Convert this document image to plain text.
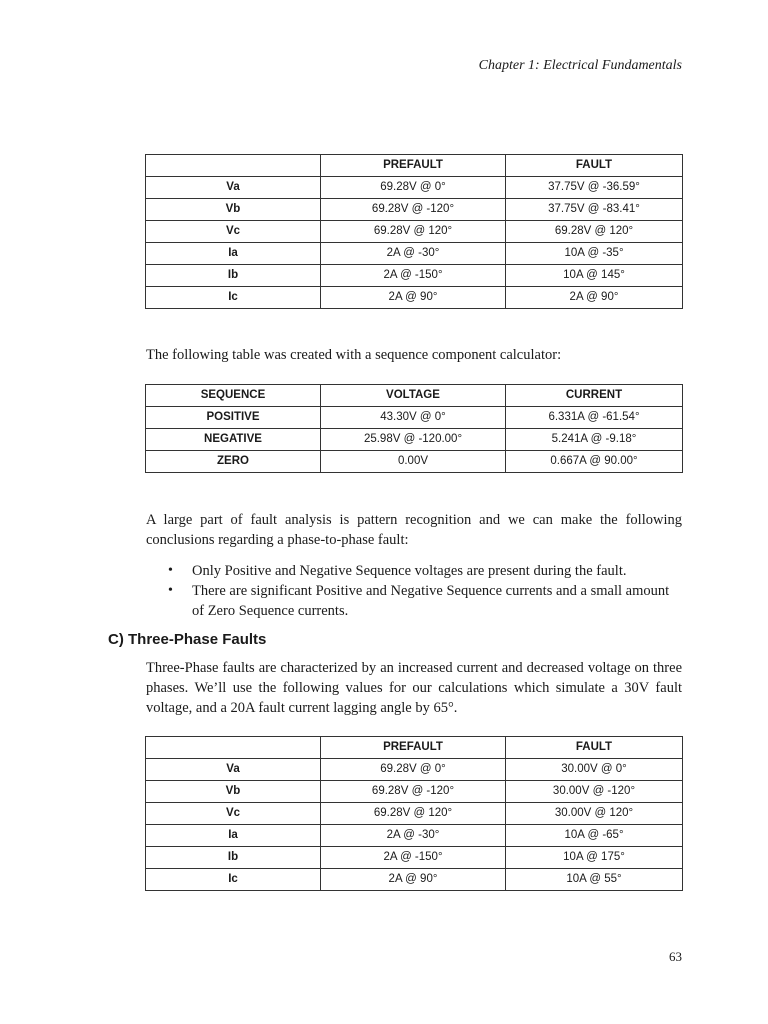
Chapter 1: Electrical Fundamentals
	PREFAULT	FAULT
Va	69.28V @ 0°	37.75V @ -36.59°
Vb	69.28V @ -120°	37.75V @ -83.41°
Vc	69.28V @ 120°	69.28V @ 120°
Ia	2A @ -30°	10A @ -35°
Ib	2A @ -150°	10A @ 145°
Ic	2A @ 90°	2A @ 90°

The following table was created with a sequence component calculator:

SEQUENCE	VOLTAGE	CURRENT
POSITIVE	43.30V @ 0°	6.331A @ -61.54°
NEGATIVE	25.98V @ -120.00°	5.241A @ -9.18°
ZERO	0.00V	0.667A @ 90.00°

A large part of fault analysis is pattern recognition and we can make the following conclusions regarding a phase-to-phase fault:

• Only Positive and Negative Sequence voltages are present during the fault.
• There are significant Positive and Negative Sequence currents and a small amount of Zero Sequence currents.
C) Three-Phase Faults

Three-Phase faults are characterized by an increased current and decreased voltage on three phases. We’ll use the following values for our calculations which simulate a 30V fault voltage, and a 20A fault current lagging angle by 65°.

	PREFAULT	FAULT
Va	69.28V @ 0°	30.00V @ 0°
Vb	69.28V @ -120°	30.00V @ -120°
Vc	69.28V @ 120°	30.00V @ 120°
Ia	2A @ -30°	10A @ -65°
Ib	2A @ -150°	10A @ 175°
Ic	2A @ 90°	10A @ 55°
63
